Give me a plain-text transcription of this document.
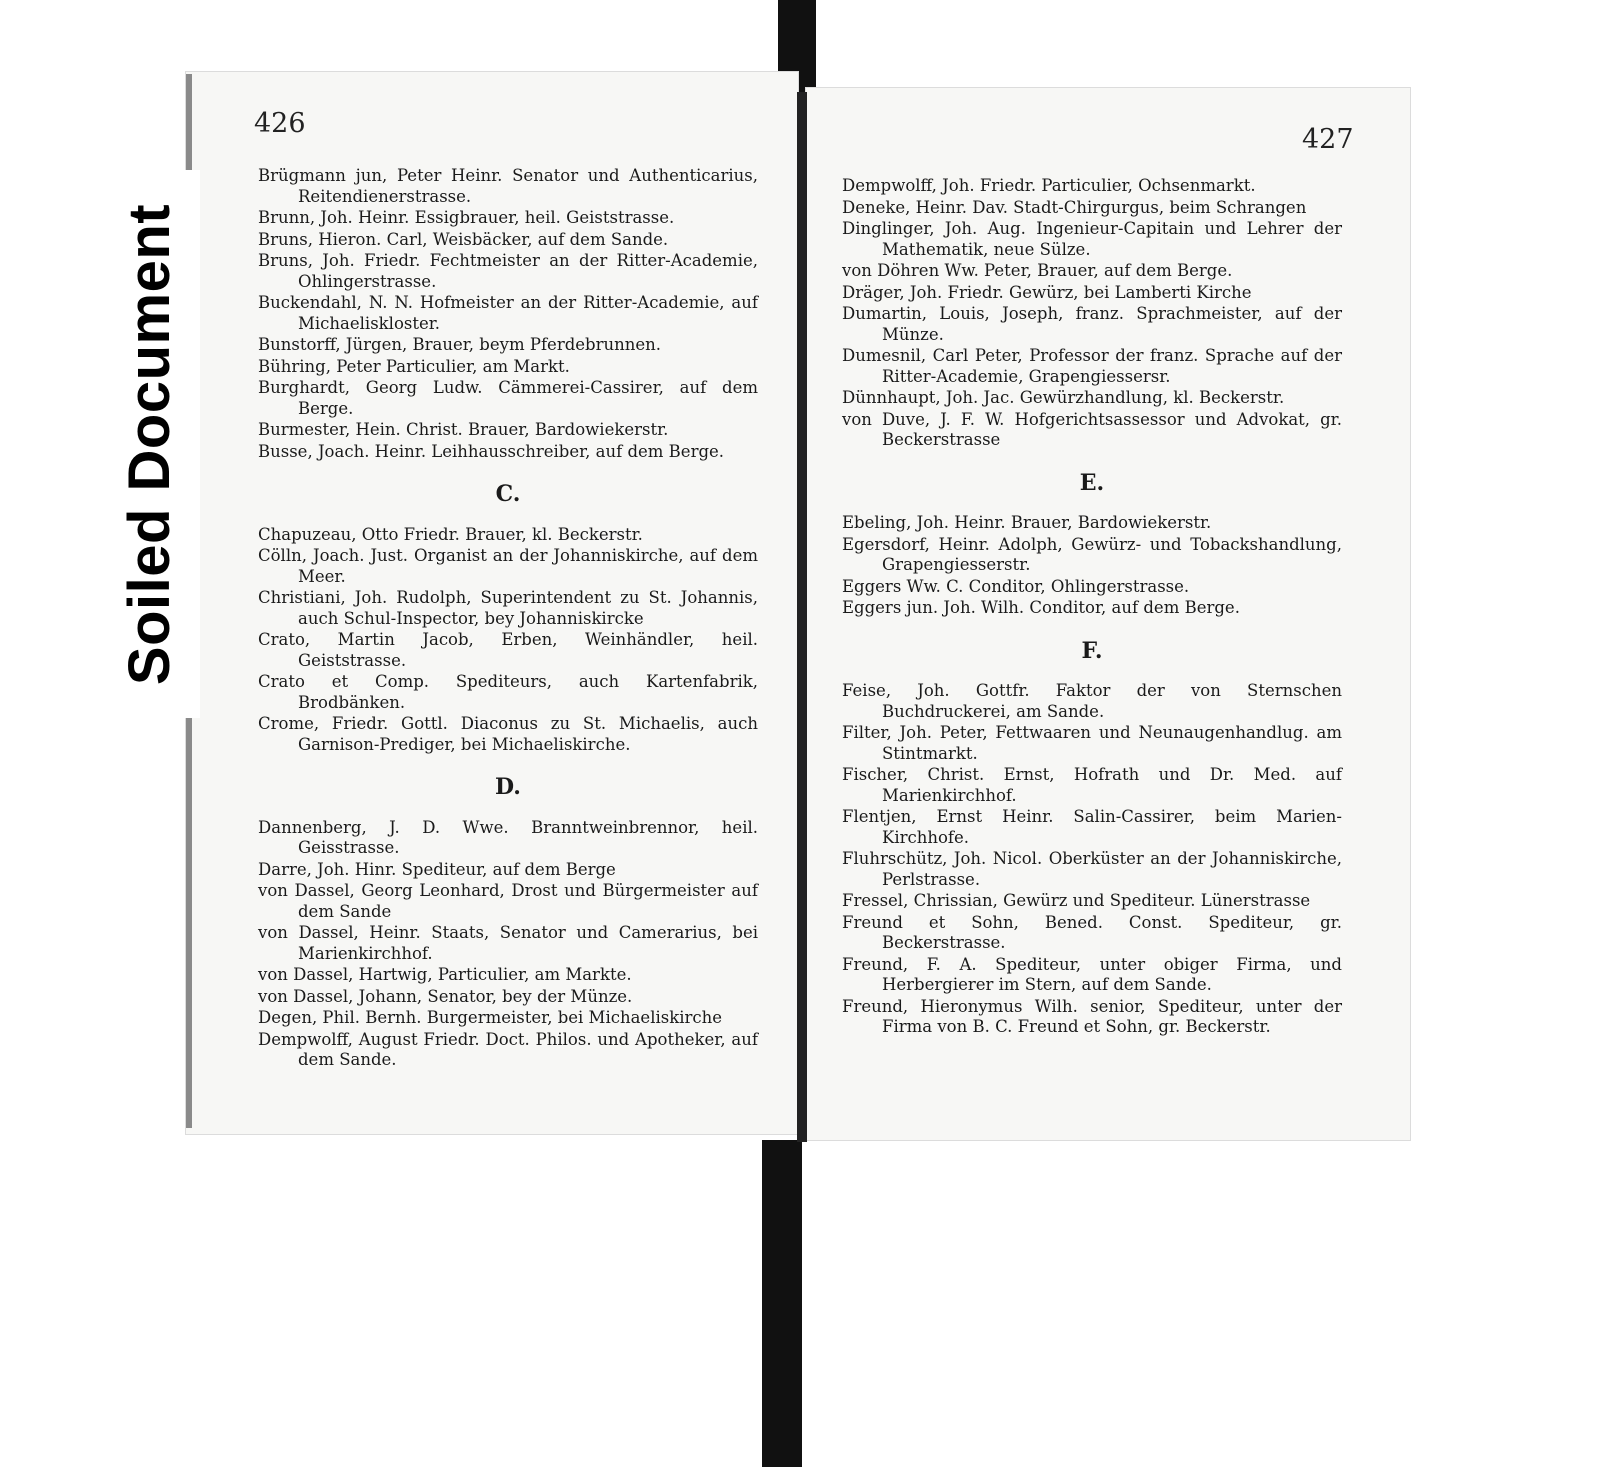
426
Brügmann jun, Peter Heinr. Senator und Authenticarius, Reitendienerstrasse.
Brunn, Joh. Heinr. Essigbrauer, heil. Geiststrasse.
Bruns, Hieron. Carl, Weisbäcker, auf dem Sande.
Bruns, Joh. Friedr. Fechtmeister an der Ritter-Academie, Ohlingerstrasse.
Buckendahl, N. N. Hofmeister an der Ritter-Academie, auf Michaeliskloster.
Bunstorff, Jürgen, Brauer, beym Pferdebrunnen.
Bühring, Peter Particulier, am Markt.
Burghardt, Georg Ludw. Cämmerei-Cassirer, auf dem Berge.
Burmester, Hein. Christ. Brauer, Bardowiekerstr.
Busse, Joach. Heinr. Leihhausschreiber, auf dem Berge.
C.
Chapuzeau, Otto Friedr. Brauer, kl. Beckerstr.
Cölln, Joach. Just. Organist an der Johanniskirche, auf dem Meer.
Christiani, Joh. Rudolph, Superintendent zu St. Johannis, auch Schul-Inspector, bey Johanniskircke
Crato, Martin Jacob, Erben, Weinhändler, heil. Geiststrasse.
Crato et Comp. Spediteurs, auch Kartenfabrik, Brodbänken.
Crome, Friedr. Gottl. Diaconus zu St. Michaelis, auch Garnison-Prediger, bei Michaeliskirche.
D.
Dannenberg, J. D. Wwe. Branntweinbrennor, heil. Geisstrasse.
Darre, Joh. Hinr. Spediteur, auf dem Berge
von Dassel, Georg Leonhard, Drost und Bürgermeister auf dem Sande
von Dassel, Heinr. Staats, Senator und Camerarius, bei Marienkirchhof.
von Dassel, Hartwig, Particulier, am Markte.
von Dassel, Johann, Senator, bey der Münze.
Degen, Phil. Bernh. Burgermeister, bei Michaeliskirche
Dempwolff, August Friedr. Doct. Philos. und Apotheker, auf dem Sande.
427
Dempwolff, Joh. Friedr. Particulier, Ochsenmarkt.
Deneke, Heinr. Dav. Stadt-Chirgurgus, beim Schrangen
Dinglinger, Joh. Aug. Ingenieur-Capitain und Lehrer der Mathematik, neue Sülze.
von Döhren Ww. Peter, Brauer, auf dem Berge.
Dräger, Joh. Friedr. Gewürz, bei Lamberti Kirche
Dumartin, Louis, Joseph, franz. Sprachmeister, auf der Münze.
Dumesnil, Carl Peter, Professor der franz. Sprache auf der Ritter-Academie, Grapengiessersr.
Dünnhaupt, Joh. Jac. Gewürzhandlung, kl. Beckerstr.
von Duve, J. F. W. Hofgerichtsassessor und Advokat, gr. Beckerstrasse
E.
Ebeling, Joh. Heinr. Brauer, Bardowiekerstr.
Egersdorf, Heinr. Adolph, Gewürz- und Tobackshandlung, Grapengiesserstr.
Eggers Ww. C. Conditor, Ohlingerstrasse.
Eggers jun. Joh. Wilh. Conditor, auf dem Berge.
F.
Feise, Joh. Gottfr. Faktor der von Sternschen Buchdruckerei, am Sande.
Filter, Joh. Peter, Fettwaaren und Neunaugenhandlug. am Stintmarkt.
Fischer, Christ. Ernst, Hofrath und Dr. Med. auf Marienkirchhof.
Flentjen, Ernst Heinr. Salin-Cassirer, beim Marien-Kirchhofe.
Fluhrschütz, Joh. Nicol. Oberküster an der Johanniskirche, Perlstrasse.
Fressel, Chrissian, Gewürz und Spediteur. Lünerstrasse
Freund et Sohn, Bened. Const. Spediteur, gr. Beckerstrasse.
Freund, F. A. Spediteur, unter obiger Firma, und Herbergierer im Stern, auf dem Sande.
Freund, Hieronymus Wilh. senior, Spediteur, unter der Firma von B. C. Freund et Sohn, gr. Beckerstr.
Soiled Document
